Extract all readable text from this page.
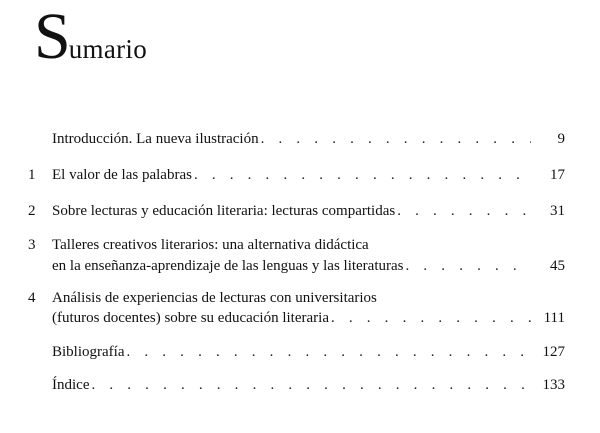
Sumario
Introducción. La nueva ilustración . . .	9
1	El valor de las palabras . . .	17
2	Sobre lecturas y educación literaria: lecturas compartidas . . .	31
3	Talleres creativos literarios: una alternativa didáctica
en la enseñanza-aprendizaje de las lenguas y las literaturas . . .	45
4	Análisis de experiencias de lecturas con universitarios
(futuros docentes) sobre su educación literaria . . .	111
Bibliografía . . .	127
Índice . . .	133
